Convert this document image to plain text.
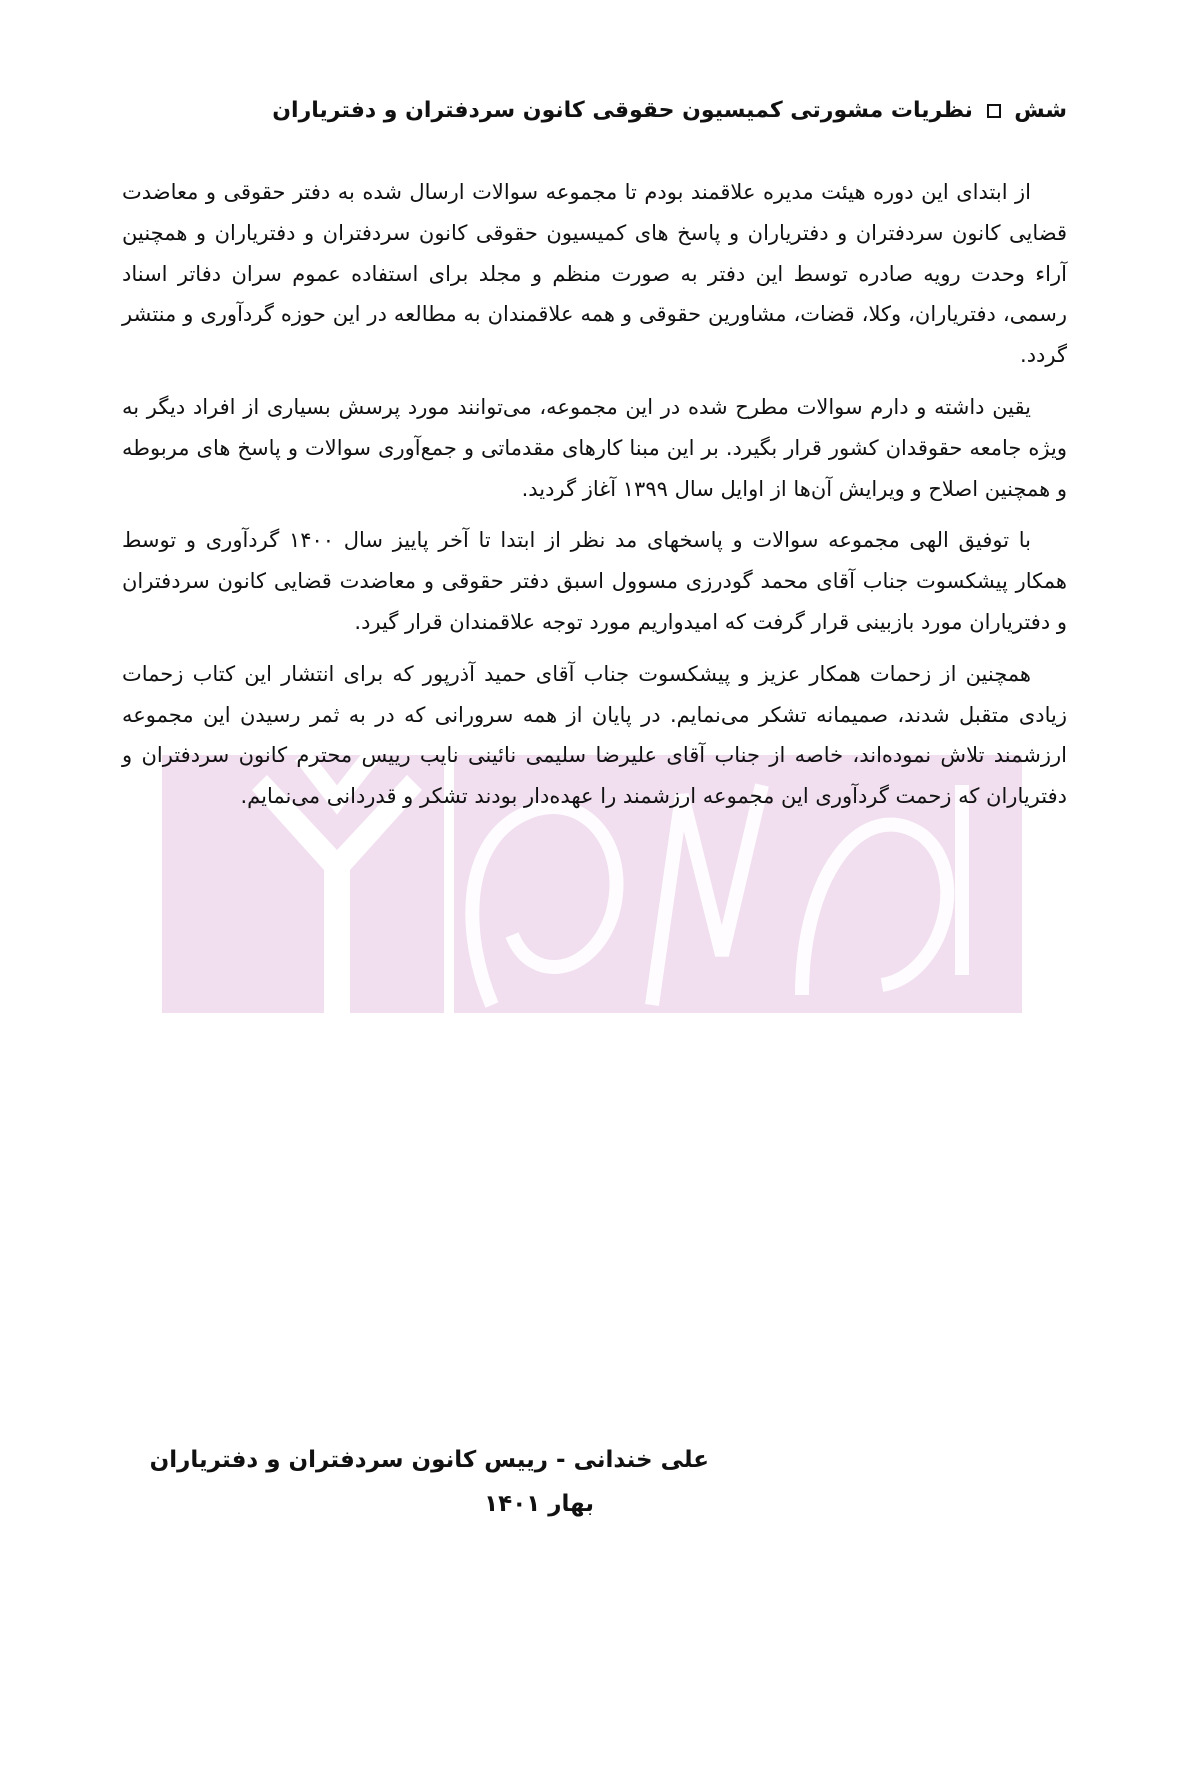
شش  نظریات مشورتی کمیسیون حقوقی کانون سردفتران و دفتریاران

از ابتدای این دوره هیئت مدیره علاقمند بودم تا مجموعه سوالات ارسال شده به دفتر حقوقی و معاضدت قضایی کانون سردفتران و دفتریاران و پاسخ های کمیسیون حقوقی کانون سردفتران و دفتریاران و همچنین آراء وحدت رویه صادره توسط این دفتر به صورت منظم و مجلد برای استفاده عموم سران دفاتر اسناد رسمی، دفتریاران، وکلا، قضات، مشاورین حقوقی و همه علاقمندان به مطالعه در این حوزه گردآوری و منتشر گردد.

یقین داشته و دارم سوالات مطرح شده در این مجموعه، می‌توانند مورد پرسش بسیاری از افراد دیگر به ویژه جامعه حقوقدان کشور قرار بگیرد. بر این مبنا کارهای مقدماتی و جمع‌آوری سوالات و پاسخ های مربوطه و همچنین اصلاح و ویرایش آن‌ها از اوایل سال ۱۳۹۹ آغاز گردید.

با توفیق الهی مجموعه سوالات و پاسخهای مد نظر از ابتدا تا آخر پاییز سال ۱۴۰۰ گردآوری و توسط همکار پیشکسوت جناب آقای محمد گودرزی مسوول اسبق دفتر حقوقی و معاضدت قضایی کانون سردفتران و دفتریاران مورد بازبینی قرار گرفت که امیدواریم مورد توجه علاقمندان قرار گیرد.

همچنین از زحمات همکار عزیز و پیشکسوت جناب آقای حمید آذرپور که برای انتشار این کتاب زحمات زیادی متقبل شدند، صمیمانه تشکر می‌نمایم. در پایان از همه سرورانی که در به ثمر رسیدن این مجموعه ارزشمند تلاش نموده‌اند، خاصه از جناب آقای علیرضا سلیمی نائینی نایب رییس محترم کانون سردفتران و دفتریاران که زحمت گردآوری این مجموعه ارزشمند را عهده‌دار بودند تشکر و قدردانی می‌نمایم.

علی خندانی - رییس کانون سردفتران و دفتریاران
بهار ۱۴۰۱
